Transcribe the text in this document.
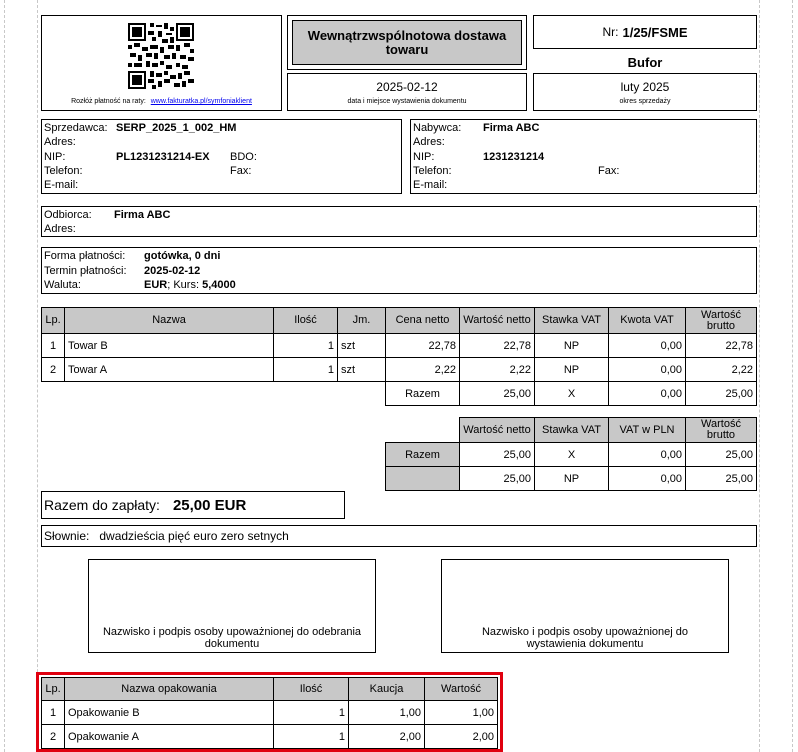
Rozłóż płatność na raty: www.fakturatka.pl/symfoniaklient
Wewnątrzwspólnotowa dostawa towaru
Nr: 1/25/FSME
Bufor
2025-02-12
data i miejsce wystawienia dokumentu
luty 2025
okres sprzedaży
Sprzedawca: SERP_2025_1_002_HM
Adres:
NIP:	PL1231231214-EX BDO:
Telefon:	Fax:
E-mail:
Nabywca: Firma ABC
Adres:
NIP:	1231231214
Telefon:	Fax:
E-mail:
Odbiorca: Firma ABC
Adres:
Forma płatności: gotówka, 0 dni
Termin płatności: 2025-02-12
Waluta:	EUR; Kurs: 5,4000
Lp.	Nazwa	Ilość	Jm.	Cena netto	Wartość netto	Stawka VAT	Kwota VAT	Wartość brutto
1	Towar B	1 szt	22,78	22,78	NP	0,00	22,78
2	Towar A	1 szt	2,22	2,22	NP	0,00	2,22
Razem	25,00	X	0,00	25,00
Wartość netto	Stawka VAT	VAT w PLN	Wartość brutto
Razem	25,00	X	0,00	25,00
25,00	NP	0,00	25,00
Razem do zapłaty: 25,00 EUR
Słownie: dwadzieścia pięć euro zero setnych
Nazwisko i podpis osoby upoważnionej do odebrania dokumentu
Nazwisko i podpis osoby upoważnionej do wystawienia dokumentu
Lp.	Nazwa opakowania	Ilość	Kaucja	Wartość
1	Opakowanie B	1	1,00	1,00
2	Opakowanie A	1	2,00	2,00
